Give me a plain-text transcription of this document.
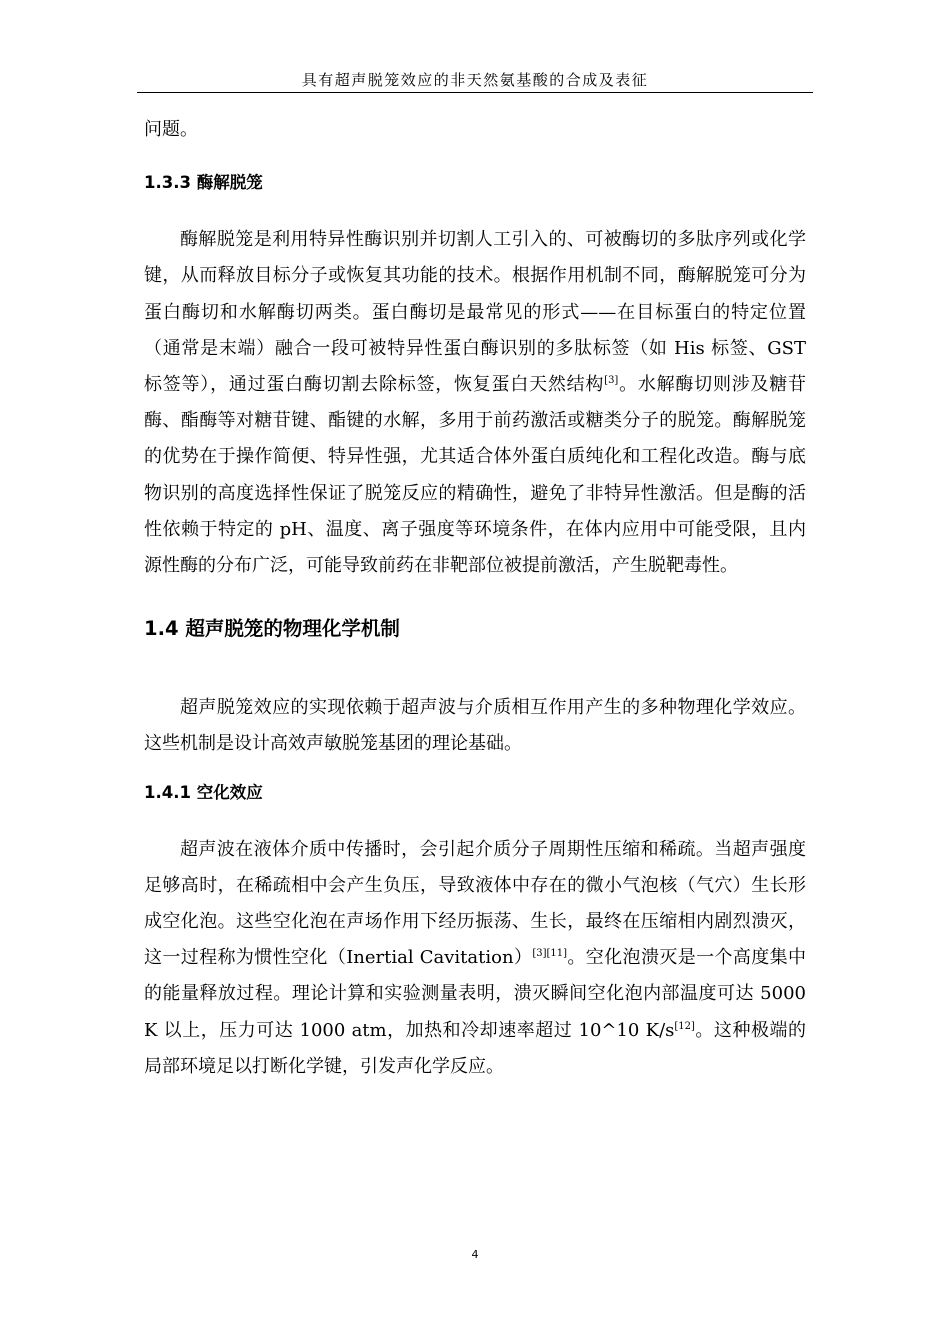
具有超声脱笼效应的非天然氨基酸的合成及表征

问题。

1.3.3 酶解脱笼

酶解脱笼是利用特异性酶识别并切割人工引入的、可被酶切的多肽序列或化学键，从而释放目标分子或恢复其功能的技术。根据作用机制不同，酶解脱笼可分为蛋白酶切和水解酶切两类。蛋白酶切是最常见的形式——在目标蛋白的特定位置（通常是末端）融合一段可被特异性蛋白酶识别的多肽标签（如 His 标签、GST 标签等），通过蛋白酶切割去除标签，恢复蛋白天然结构[3]。水解酶切则涉及糖苷酶、酯酶等对糖苷键、酯键的水解，多用于前药激活或糖类分子的脱笼。酶解脱笼的优势在于操作简便、特异性强，尤其适合体外蛋白质纯化和工程化改造。酶与底物识别的高度选择性保证了脱笼反应的精确性，避免了非特异性激活。但是酶的活性依赖于特定的 pH、温度、离子强度等环境条件，在体内应用中可能受限，且内源性酶的分布广泛，可能导致前药在非靶部位被提前激活，产生脱靶毒性。

1.4 超声脱笼的物理化学机制

超声脱笼效应的实现依赖于超声波与介质相互作用产生的多种物理化学效应。这些机制是设计高效声敏脱笼基团的理论基础。

1.4.1 空化效应

超声波在液体介质中传播时，会引起介质分子周期性压缩和稀疏。当超声强度足够高时，在稀疏相中会产生负压，导致液体中存在的微小气泡核（气穴）生长形成空化泡。这些空化泡在声场作用下经历振荡、生长，最终在压缩相内剧烈溃灭，这一过程称为惯性空化（Inertial Cavitation）[3][11]。空化泡溃灭是一个高度集中的能量释放过程。理论计算和实验测量表明，溃灭瞬间空化泡内部温度可达 5000 K 以上，压力可达 1000 atm，加热和冷却速率超过 10^10 K/s[12]。这种极端的局部环境足以打断化学键，引发声化学反应。

4
